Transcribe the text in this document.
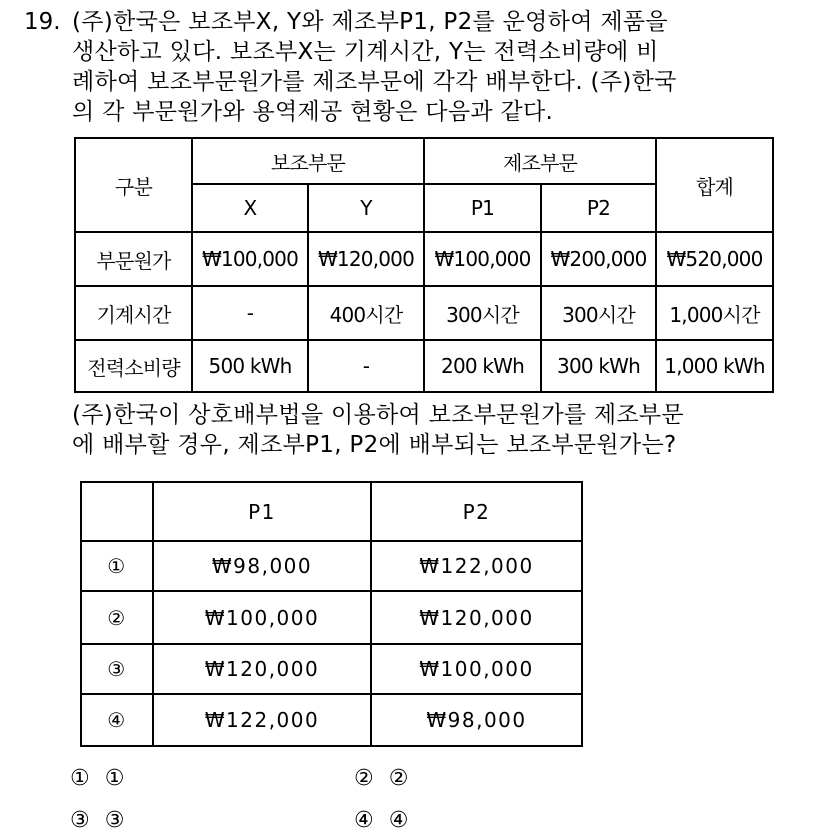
19. (주)한국은 보조부X, Y와 제조부P1, P2를 운영하여 제품을
생산하고 있다. 보조부X는 기계시간, Y는 전력소비량에 비
례하여 보조부문원가를 제조부문에 각각 배부한다. (주)한국
의 각 부문원가와 용역제공 현황은 다음과 같다.
구분	보조부문		제조부문		합계
	X	Y	P1	P2	
부문원가	₩100,000	₩120,000	₩100,000	₩200,000	₩520,000
기계시간	-	400시간	300시간	300시간	1,000시간
전력소비량	500 kWh	-	200 kWh	300 kWh	1,000 kWh
(주)한국이 상호배부법을 이용하여 보조부문원가를 제조부문
에 배부할 경우, 제조부P1, P2에 배부되는 보조부문원가는?
	P1	P2
①	₩98,000	₩122,000
②	₩100,000	₩120,000
③	₩120,000	₩100,000
④	₩122,000	₩98,000
① ①	② ②
③ ③	④ ④
